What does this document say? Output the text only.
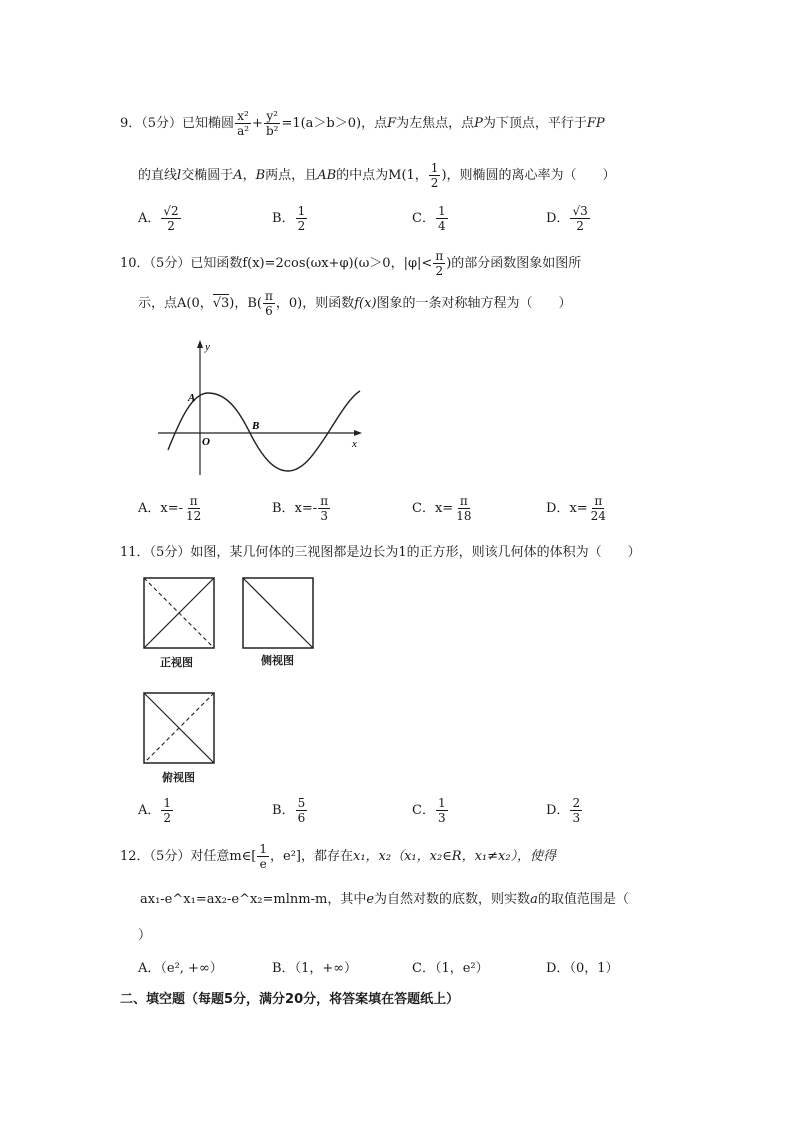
9．（5分）已知椭圆 $\frac{\text{x²}}{\text{a²}} + \frac{\text{y²}}{\text{b²}} =1(a>b>0)$，点F为左焦点，点P为下顶点，平行于FP
的直线l交椭圆于A，B两点，且AB的中点为M(1， $\frac{1}{2}$ )，则椭圆的离心率为（　　）
A． $\frac{√2}{2}$	B． $\frac{1}{2}$	C． $\frac{1}{4}$	D． $\frac{√3}{2}$
10．（5分）已知函数f(x)=2cos(ωx+φ)(ω＞0，$|\varphi|< \frac{\pi}{2}$ )的部分函数图象如图所
示，点A(0，√3)，$B( \frac{\pi}{6}$ ，0)，则函数f(x)图象的一条对称轴方程为（　　）
y
x
O
A
B
A．$x=- \frac{\pi}{12}$	B．$x=- \frac{\pi}{3}$	C．$x= \frac{\pi}{18}$	D．$x= \frac{\pi}{24}$
11．（5分）如图，某几何体的三视图都是边长为1的正方形，则该几何体的体积为（　　）
正视图	侧视图
俯视图
A． $\frac{1}{2}$	B． $\frac{5}{6}$	C． $\frac{1}{3}$	D． $\frac{2}{3}$
12．（5分）对任意m∈[ $\frac{1}{e}$ ，e²]，都存在x₁，x₂（x₁，x₂∈R，x₁≠x₂），使得
ax₁-e^x₁=ax₂-e^x₂=mlnm-m，其中e为自然对数的底数，则实数a的取值范围是（
）
A．（e², +∞）	B．（1，+∞）	C．（1，e²）	D．（0，1）
二、填空题（每题5分，满分20分，将答案填在答题纸上）
